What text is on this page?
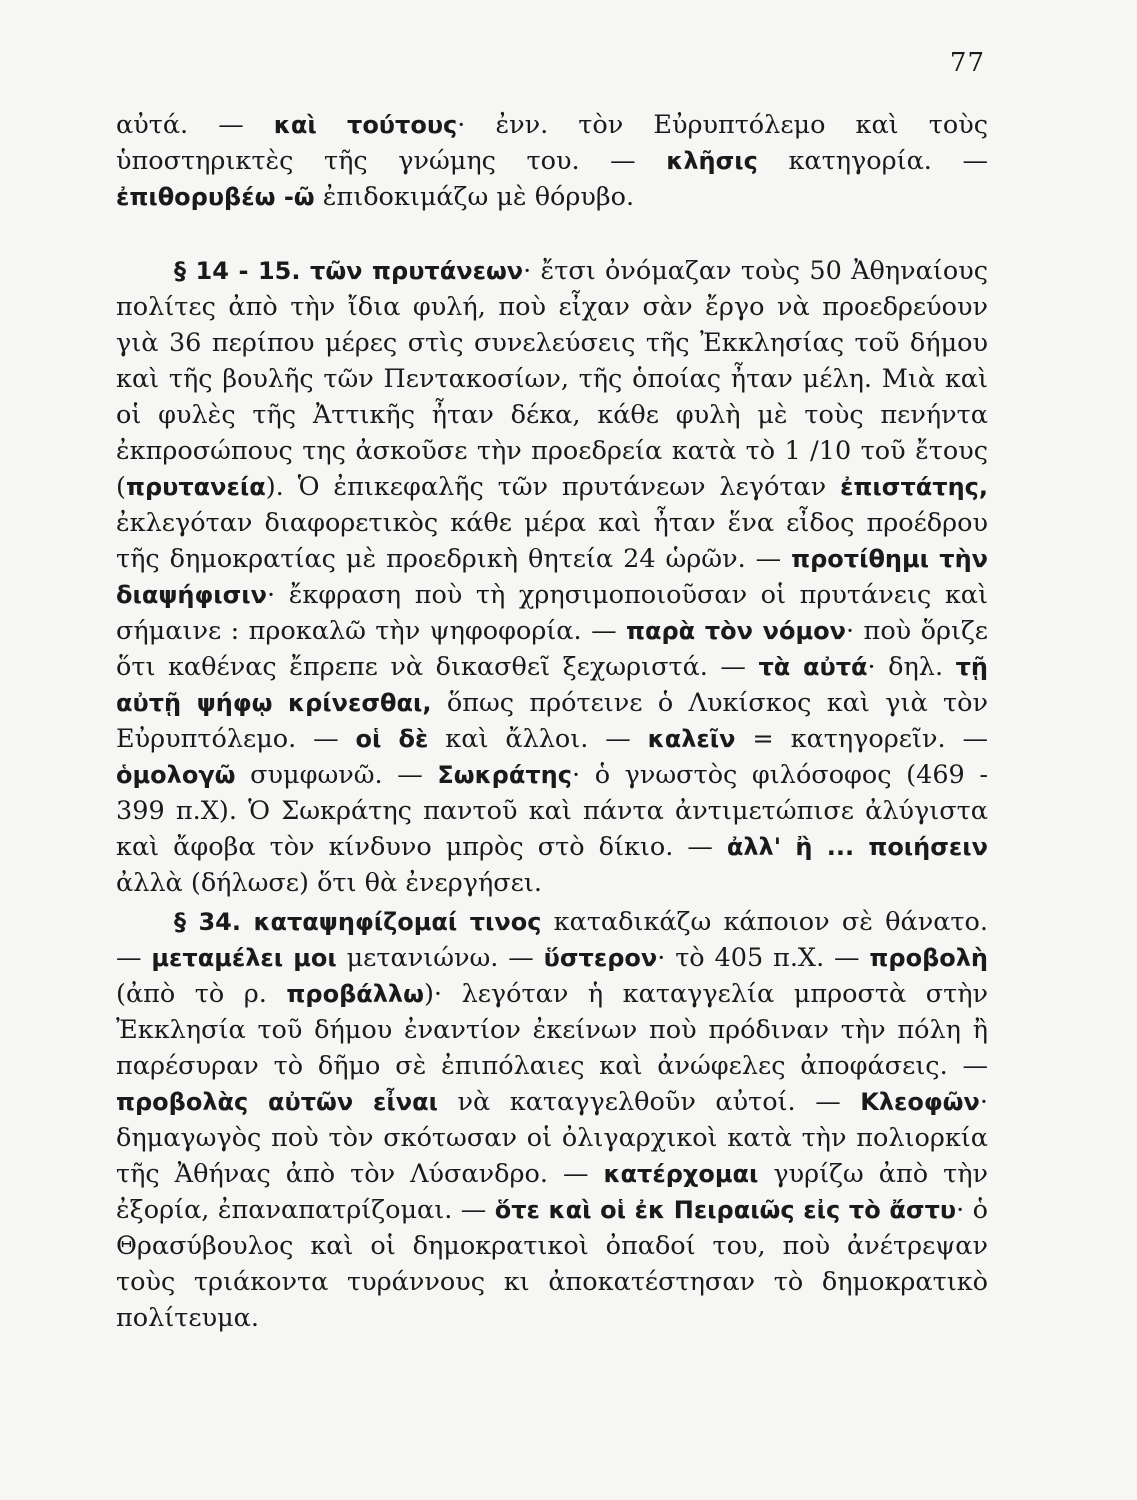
77

αὐτά. — καὶ τούτους· ἐνν. τὸν Εὐρυπτόλεμο καὶ τοὺς ὑποστηρικτὲς τῆς γνώμης του. — κλῆσις κατηγορία. — ἐπιθορυβέω -ῶ ἐπιδοκιμάζω μὲ θόρυβο.

§ 14 - 15. τῶν πρυτάνεων· ἔτσι ὀνόμαζαν τοὺς 50 Ἀθηναίους πολίτες ἀπὸ τὴν ἴδια φυλή, ποὺ εἶχαν σὰν ἔργο νὰ προεδρεύουν γιὰ 36 περίπου μέρες στὶς συνελεύσεις τῆς Ἐκκλησίας τοῦ δήμου καὶ τῆς βουλῆς τῶν Πεντακοσίων, τῆς ὁποίας ἦταν μέλη. Μιὰ καὶ οἱ φυλὲς τῆς Ἀττικῆς ἦταν δέκα, κάθε φυλὴ μὲ τοὺς πενήντα ἐκπροσώπους της ἀσκοῦσε τὴν προεδρεία κατὰ τὸ 1 /10 τοῦ ἔτους (πρυτανεία). Ὁ ἐπικεφαλῆς τῶν πρυτάνεων λεγόταν ἐπιστάτης, ἐκλεγόταν διαφορετικὸς κάθε μέρα καὶ ἦταν ἕνα εἶδος προέδρου τῆς δημοκρατίας μὲ προεδρικὴ θητεία 24 ὡρῶν. — προτίθημι τὴν διαψήφισιν· ἔκφραση ποὺ τὴ χρησιμοποιοῦσαν οἱ πρυτάνεις καὶ σήμαινε : προκαλῶ τὴν ψηφοφορία. — παρὰ τὸν νόμον· ποὺ ὅριζε ὅτι καθένας ἔπρεπε νὰ δικασθεῖ ξεχωριστά. — τὰ αὐτά· δηλ. τῇ αὐτῇ ψήφῳ κρίνεσθαι, ὅπως πρότεινε ὁ Λυκίσκος καὶ γιὰ τὸν Εὐρυπτόλεμο. — οἱ δὲ καὶ ἄλλοι. — καλεῖν = κατηγορεῖν. — ὁμολογῶ συμφωνῶ. — Σωκράτης· ὁ γνωστὸς φιλόσοφος (469 - 399 π.Χ). Ὁ Σωκράτης παντοῦ καὶ πάντα ἀντιμετώπισε ἀλύγιστα καὶ ἄφοβα τὸν κίνδυνο μπρὸς στὸ δίκιο. — ἀλλ' ἢ ... ποιήσειν ἀλλὰ (δήλωσε) ὅτι θὰ ἐνεργήσει.

§ 34. καταψηφίζομαί τινος καταδικάζω κάποιον σὲ θάνατο. — μεταμέλει μοι μετανιώνω. — ὕστερον· τὸ 405 π.Χ. — προβολὴ (ἀπὸ τὸ ρ. προβάλλω)· λεγόταν ἡ καταγγελία μπροστὰ στὴν Ἐκκλησία τοῦ δήμου ἐναντίον ἐκείνων ποὺ πρόδιναν τὴν πόλη ἢ παρέσυραν τὸ δῆμο σὲ ἐπιπόλαιες καὶ ἀνώφελες ἀποφάσεις. — προβολὰς αὐτῶν εἶναι νὰ καταγγελθοῦν αὐτοί. — Κλεοφῶν· δημαγωγὸς ποὺ τὸν σκότωσαν οἱ ὀλιγαρχικοὶ κατὰ τὴν πολιορκία τῆς Ἀθήνας ἀπὸ τὸν Λύσανδρο. — κατέρχομαι γυρίζω ἀπὸ τὴν ἐξορία, ἐπαναπατρίζομαι. — ὅτε καὶ οἱ ἐκ Πειραιῶς εἰς τὸ ἄστυ· ὁ Θρασύβουλος καὶ οἱ δημοκρατικοὶ ὀπαδοί του, ποὺ ἀνέτρεψαν τοὺς τριάκοντα τυράννους κι ἀποκατέστησαν τὸ δημοκρατικὸ πολίτευμα.
